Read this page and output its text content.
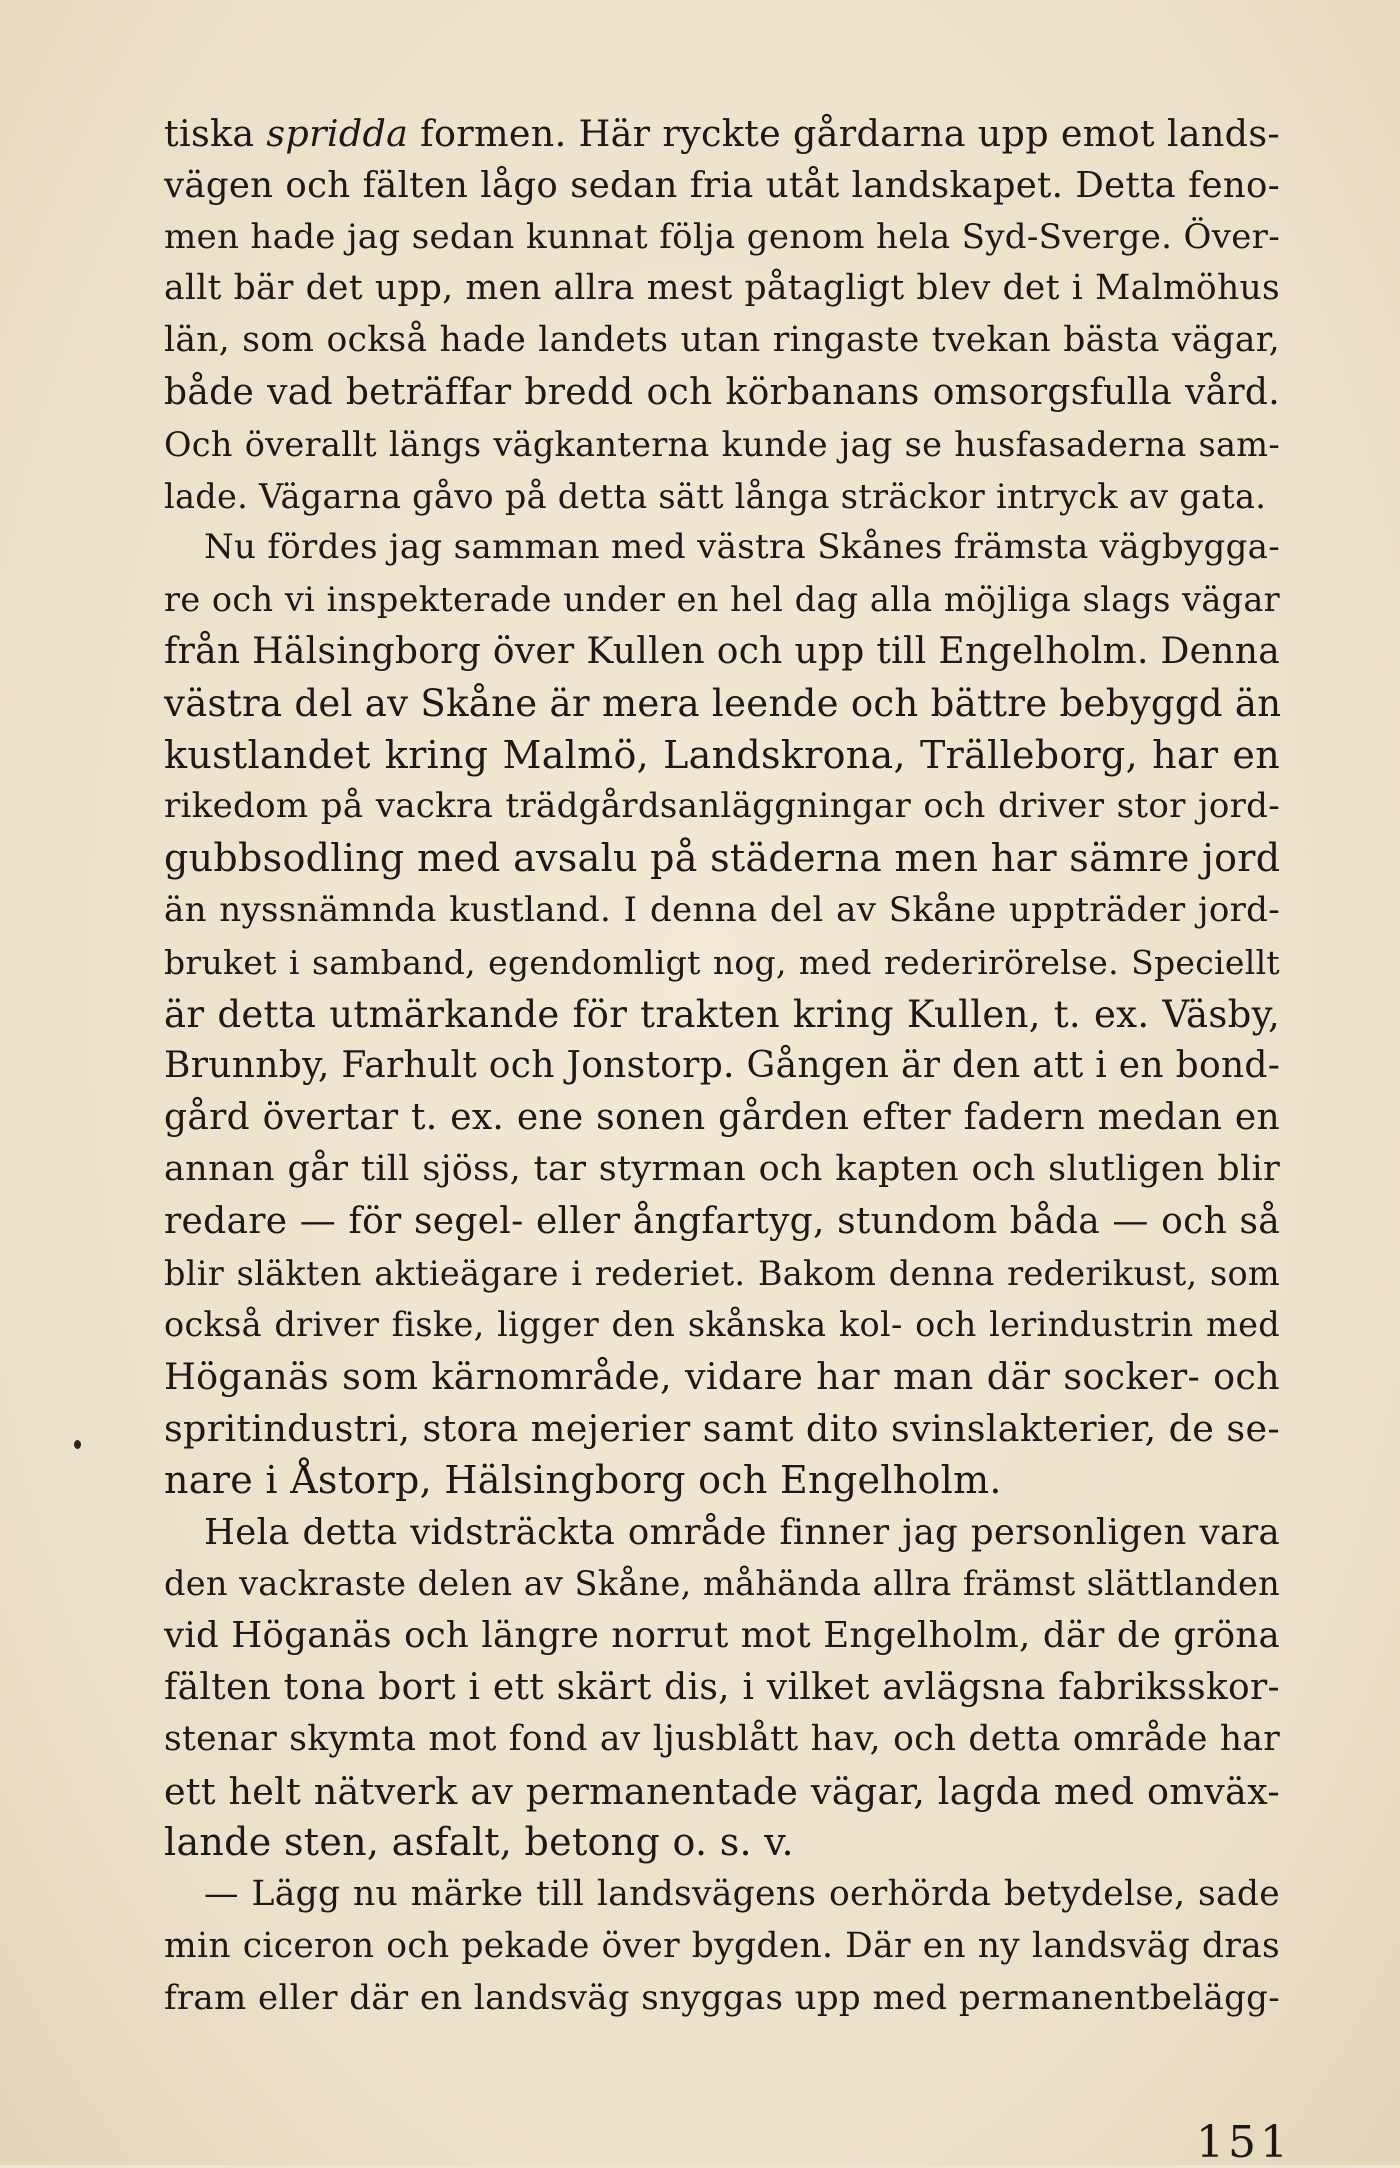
tiska spridda formen. Här ryckte gårdarna upp emot lands-
vägen och fälten lågo sedan fria utåt landskapet. Detta feno-
men hade jag sedan kunnat följa genom hela Syd-Sverge. Över-
allt bär det upp, men allra mest påtagligt blev det i Malmöhus
län, som också hade landets utan ringaste tvekan bästa vägar,
både vad beträffar bredd och körbanans omsorgsfulla vård.
Och överallt längs vägkanterna kunde jag se husfasaderna sam-
lade. Vägarna gåvo på detta sätt långa sträckor intryck av gata.
Nu fördes jag samman med västra Skånes främsta vägbygga-
re och vi inspekterade under en hel dag alla möjliga slags vägar
från Hälsingborg över Kullen och upp till Engelholm. Denna
västra del av Skåne är mera leende och bättre bebyggd än
kustlandet kring Malmö, Landskrona, Trälleborg, har en
rikedom på vackra trädgårdsanläggningar och driver stor jord-
gubbsodling med avsalu på städerna men har sämre jord
än nyssnämnda kustland. I denna del av Skåne uppträder jord-
bruket i samband, egendomligt nog, med rederirörelse. Speciellt
är detta utmärkande för trakten kring Kullen, t. ex. Väsby,
Brunnby, Farhult och Jonstorp. Gången är den att i en bond-
gård övertar t. ex. ene sonen gården efter fadern medan en
annan går till sjöss, tar styrman och kapten och slutligen blir
redare — för segel- eller ångfartyg, stundom båda — och så
blir släkten aktieägare i rederiet. Bakom denna rederikust, som
också driver fiske, ligger den skånska kol- och lerindustrin med
Höganäs som kärnområde, vidare har man där socker- och
spritindustri, stora mejerier samt dito svinslakterier, de se-
nare i Åstorp, Hälsingborg och Engelholm.
Hela detta vidsträckta område finner jag personligen vara
den vackraste delen av Skåne, måhända allra främst slättlanden
vid Höganäs och längre norrut mot Engelholm, där de gröna
fälten tona bort i ett skärt dis, i vilket avlägsna fabriksskor-
stenar skymta mot fond av ljusblått hav, och detta område har
ett helt nätverk av permanentade vägar, lagda med omväx-
lande sten, asfalt, betong o. s. v.
— Lägg nu märke till landsvägens oerhörda betydelse, sade
min ciceron och pekade över bygden. Där en ny landsväg dras
fram eller där en landsväg snyggas upp med permanentbelägg-
151
